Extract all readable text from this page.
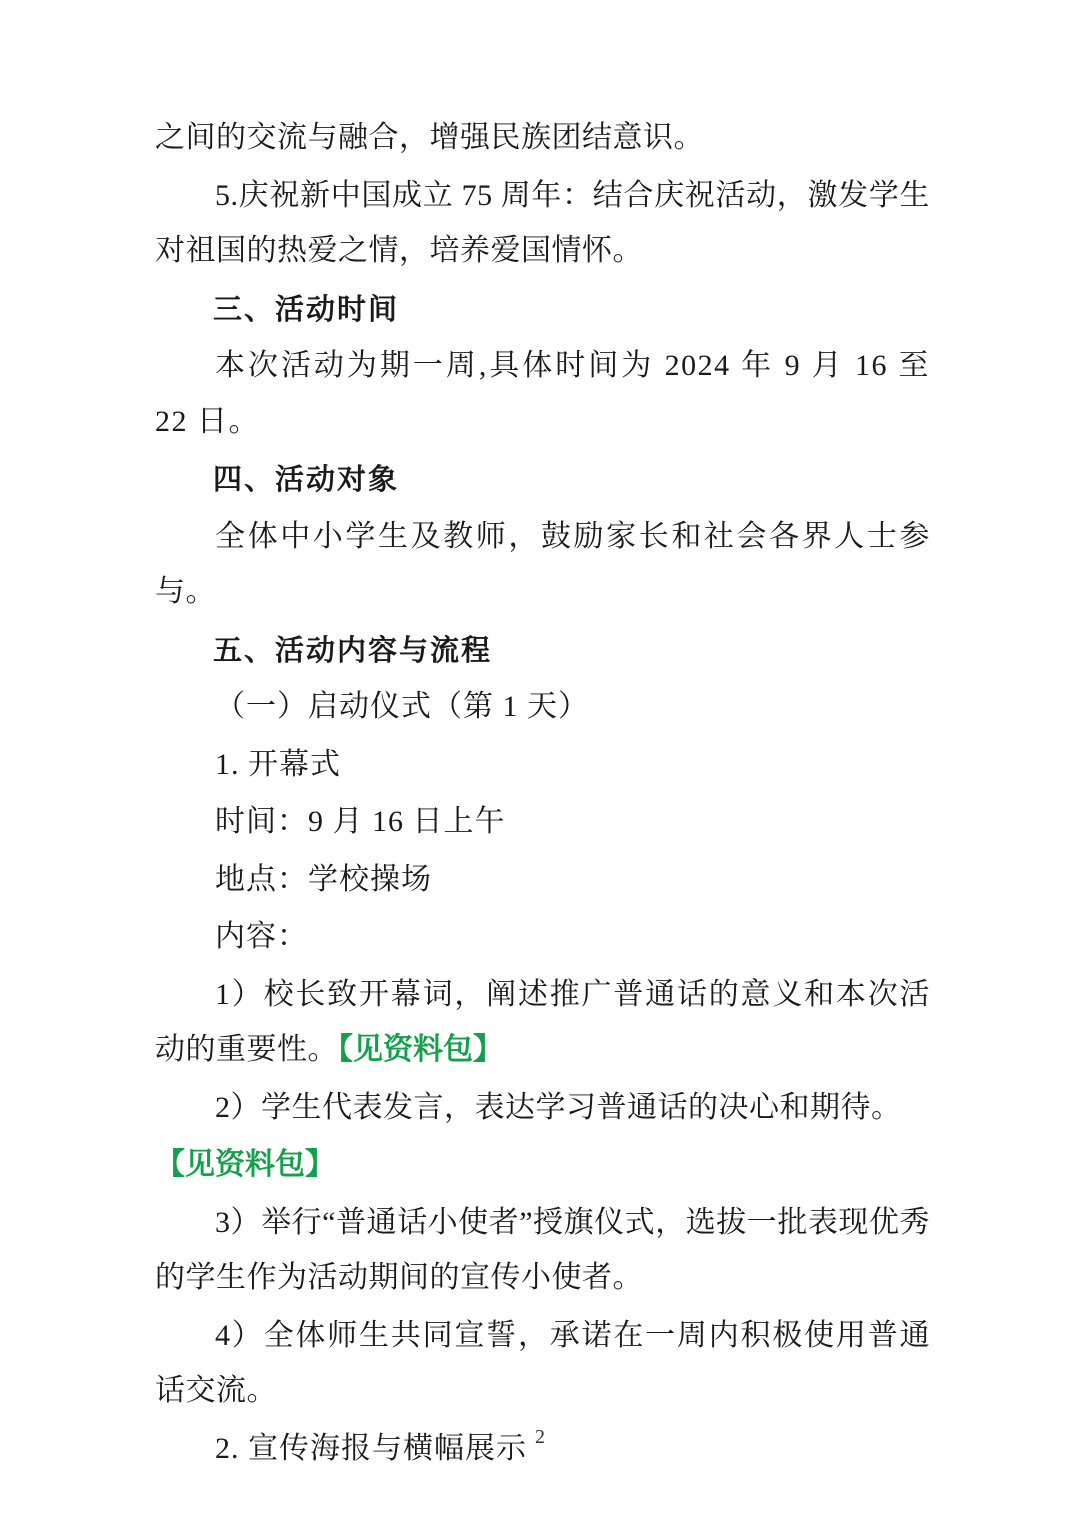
之间的交流与融合，增强民族团结意识。

5.庆祝新中国成立 75 周年：结合庆祝活动，激发学生对祖国的热爱之情，培养爱国情怀。

三、活动时间

本次活动为期一周,具体时间为 2024 年 9 月 16 至 22 日。

四、活动对象

全体中小学生及教师，鼓励家长和社会各界人士参与。

五、活动内容与流程

（一）启动仪式（第 1 天）

1. 开幕式

时间：9 月 16 日上午

地点：学校操场

内容：

1）校长致开幕词，阐述推广普通话的意义和本次活动的重要性。【见资料包】

2）学生代表发言，表达学习普通话的决心和期待。

【见资料包】

3）举行“普通话小使者”授旗仪式，选拔一批表现优秀的学生作为活动期间的宣传小使者。

4）全体师生共同宣誓，承诺在一周内积极使用普通话交流。

2. 宣传海报与横幅展示 2
